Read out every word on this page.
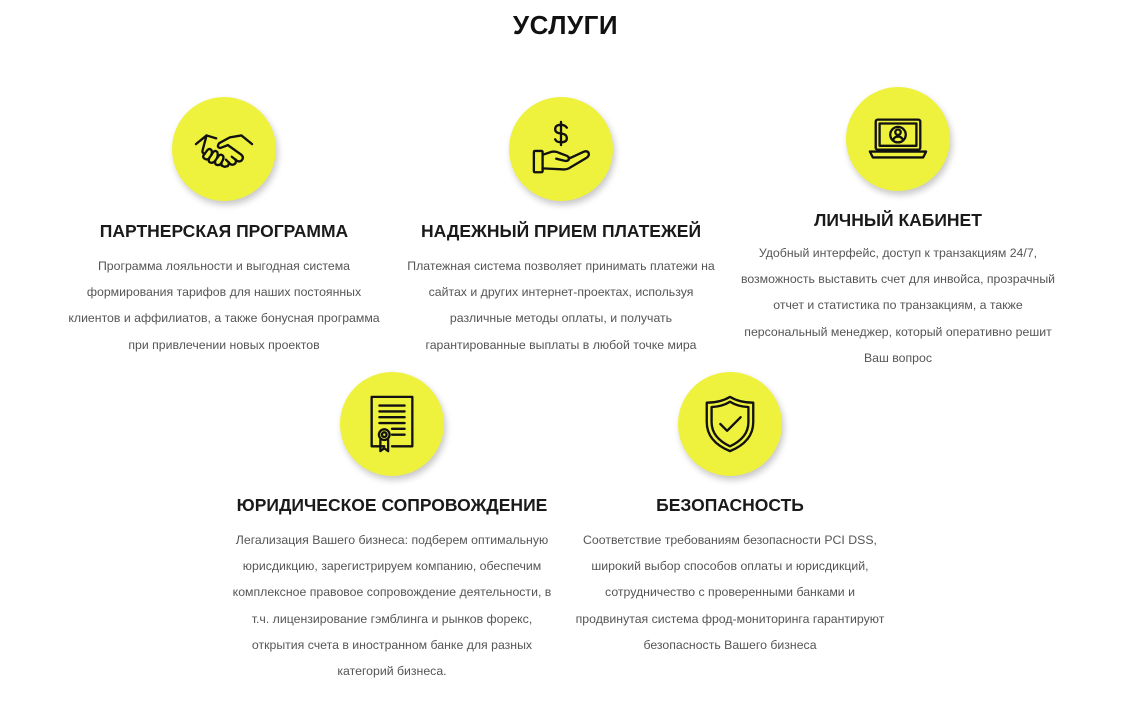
УСЛУГИ
ПАРТНЕРСКАЯ ПРОГРАММА
Программа лояльности и выгодная система
формирования тарифов для наших постоянных
клиентов и аффилиатов, а также бонусная программа
при привлечении новых проектов
НАДЕЖНЫЙ ПРИЕМ ПЛАТЕЖЕЙ
Платежная система позволяет принимать платежи на
сайтах и других интернет-проектах, используя
различные методы оплаты, и получать
гарантированные выплаты в любой точке мира
ЛИЧНЫЙ КАБИНЕТ
Удобный интерфейс, доступ к транзакциям 24/7,
возможность выставить счет для инвойса, прозрачный
отчет и статистика по транзакциям, а также
персональный менеджер, который оперативно решит
Ваш вопрос
ЮРИДИЧЕСКОЕ СОПРОВОЖДЕНИЕ
Легализация Вашего бизнеса: подберем оптимальную
юрисдикцию, зарегистрируем компанию, обеспечим
комплексное правовое сопровождение деятельности, в
т.ч. лицензирование гэмблинга и рынков форекс,
открытия счета в иностранном банке для разных
категорий бизнеса.
БЕЗОПАСНОСТЬ
Соответствие требованиям безопасности PCI DSS,
широкий выбор способов оплаты и юрисдикций,
сотрудничество с проверенными банками и
продвинутая система фрод-мониторинга гарантируют
безопасность Вашего бизнеса
